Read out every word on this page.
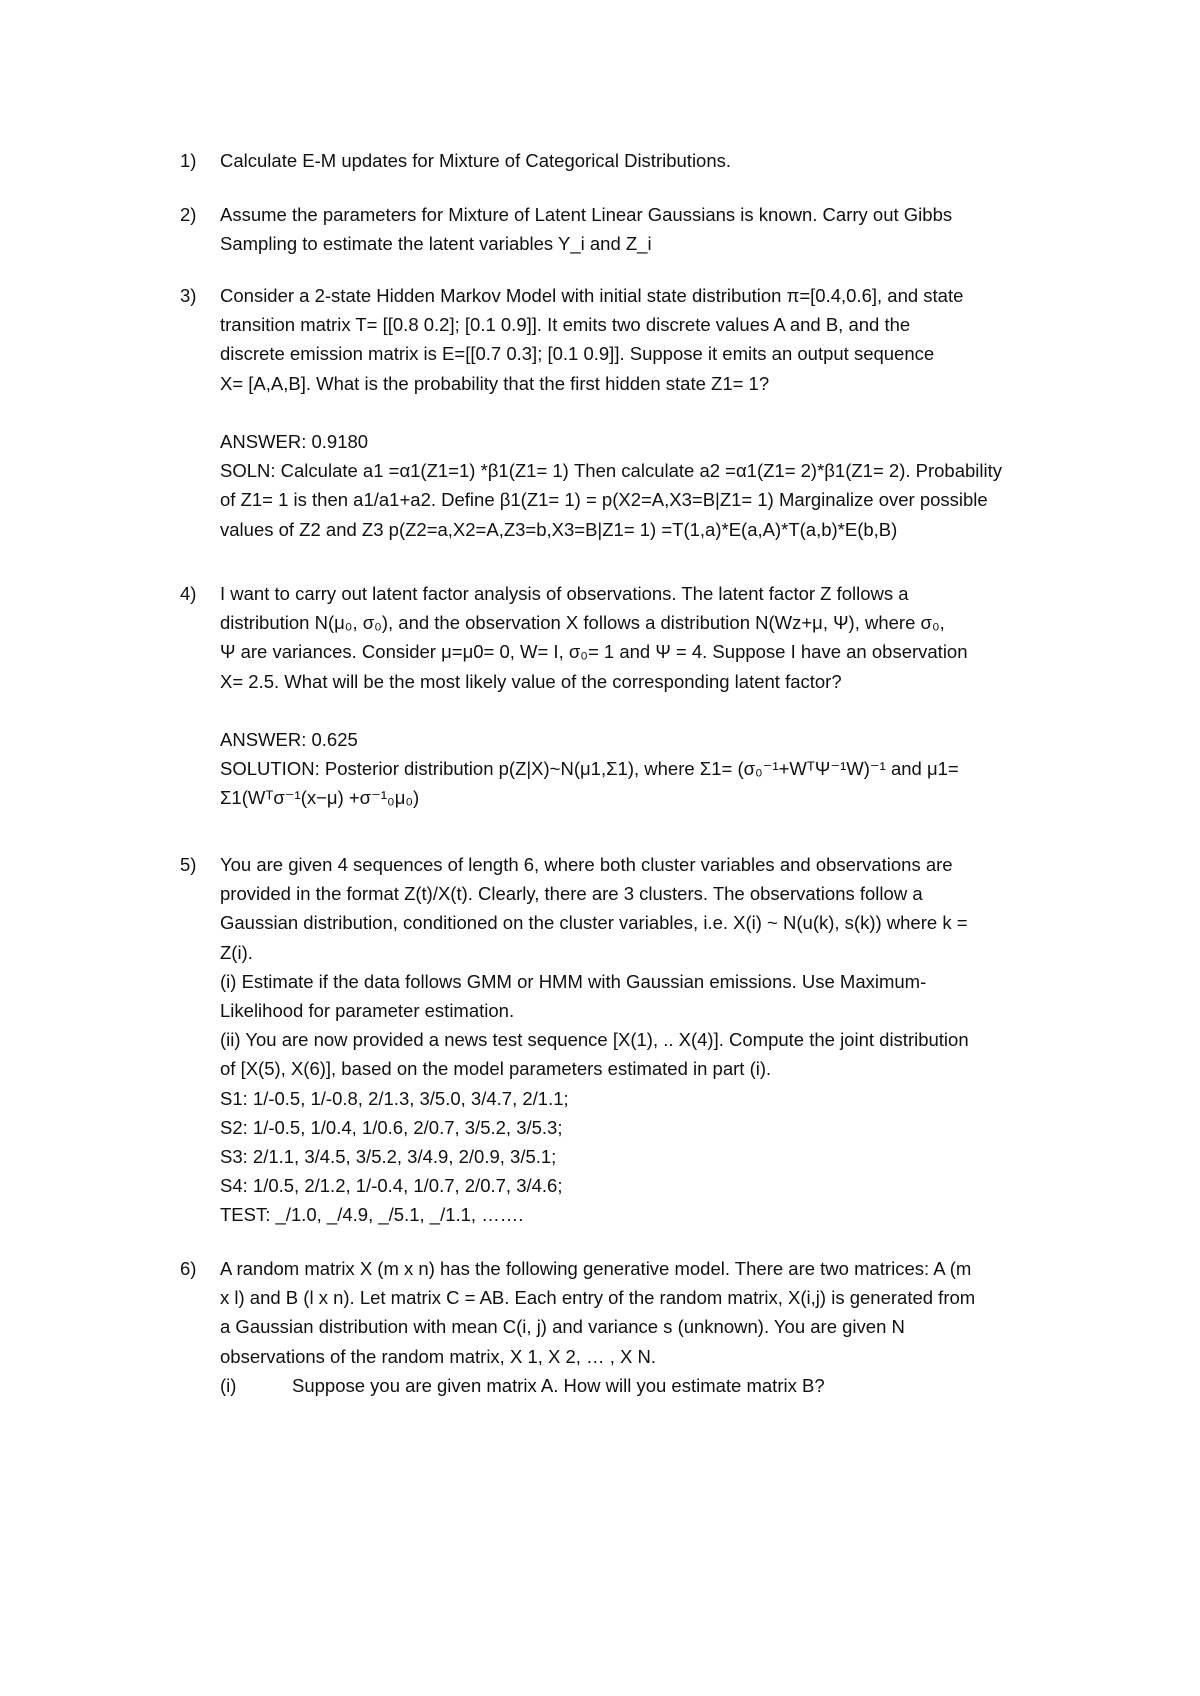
1) Calculate E-M updates for Mixture of Categorical Distributions.
2) Assume the parameters for Mixture of Latent Linear Gaussians is known. Carry out Gibbs
Sampling to estimate the latent variables Y_i and Z_i
3) Consider a 2-state Hidden Markov Model with initial state distribution π=[0.4,0.6], and state
transition matrix T= [[0.8 0.2]; [0.1 0.9]]. It emits two discrete values A and B, and the
discrete emission matrix is E=[[0.7 0.3]; [0.1 0.9]]. Suppose it emits an output sequence
X= [A,A,B]. What is the probability that the first hidden state Z1= 1?
ANSWER: 0.9180
SOLN: Calculate a1 =α1(Z1=1) *β1(Z1= 1) Then calculate a2 =α1(Z1= 2)*β1(Z1= 2). Probability
of Z1= 1 is then a1/a1+a2. Define β1(Z1= 1) = p(X2=A,X3=B|Z1= 1) Marginalize over possible
values of Z2 and Z3 p(Z2=a,X2=A,Z3=b,X3=B|Z1= 1) =T(1,a)*E(a,A)*T(a,b)*E(b,B)
4) I want to carry out latent factor analysis of observations. The latent factor Z follows a
distribution N(μ₀, σ₀), and the observation X follows a distribution N(Wz+μ, Ψ), where σ₀,
Ψ are variances. Consider μ=μ0= 0, W= I, σ₀= 1 and Ψ = 4. Suppose I have an observation
X= 2.5. What will be the most likely value of the corresponding latent factor?
ANSWER: 0.625
SOLUTION: Posterior distribution p(Z|X)~N(μ1,Σ1), where Σ1= (σ₀⁻¹+WᵀΨ⁻¹W)⁻¹ and μ1=
Σ1(Wᵀσ⁻¹(x−μ) +σ⁻¹₀μ₀)
5) You are given 4 sequences of length 6, where both cluster variables and observations are
provided in the format Z(t)/X(t). Clearly, there are 3 clusters. The observations follow a
Gaussian distribution, conditioned on the cluster variables, i.e. X(i) ~ N(u(k), s(k)) where k =
Z(i).
(i) Estimate if the data follows GMM or HMM with Gaussian emissions. Use Maximum-
Likelihood for parameter estimation.
(ii) You are now provided a news test sequence [X(1), .. X(4)]. Compute the joint distribution
of [X(5), X(6)], based on the model parameters estimated in part (i).
S1: 1/-0.5, 1/-0.8, 2/1.3, 3/5.0, 3/4.7, 2/1.1;
S2: 1/-0.5, 1/0.4, 1/0.6, 2/0.7, 3/5.2, 3/5.3;
S3: 2/1.1, 3/4.5, 3/5.2, 3/4.9, 2/0.9, 3/5.1;
S4: 1/0.5, 2/1.2, 1/-0.4, 1/0.7, 2/0.7, 3/4.6;
TEST: _/1.0, _/4.9, _/5.1, _/1.1, …….
6) A random matrix X (m x n) has the following generative model. There are two matrices: A (m
x l) and B (l x n). Let matrix C = AB. Each entry of the random matrix, X(i,j) is generated from
a Gaussian distribution with mean C(i, j) and variance s (unknown). You are given N
observations of the random matrix, X 1, X 2, … , X N.
(i)	Suppose you are given matrix A. How will you estimate matrix B?
